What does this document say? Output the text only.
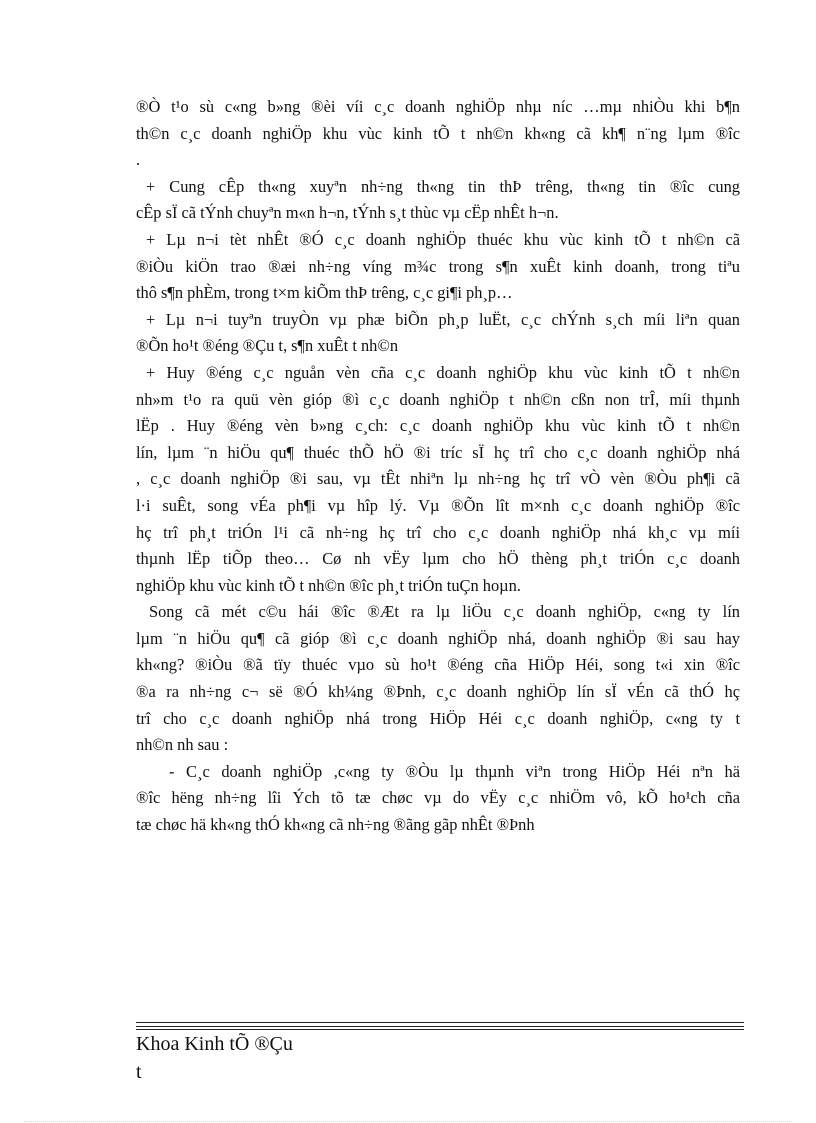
®Ò t¹o sù c«ng b»ng ®èi víi c¸c doanh nghiÖp nhµ níc …mµ nhiÒu khi b¶n
th©n c¸c doanh nghiÖp khu vùc kinh tÕ t nh©n kh«ng cã kh¶ n¨ng lµm ®îc
.
+ Cung cÊp th«ng xuyªn nh÷ng th«ng tin thÞ trêng, th«ng tin ®îc cung
cÊp sÏ cã tÝnh chuyªn m«n h¬n, tÝnh s¸t thùc vµ cËp nhÊt h¬n.
+ Lµ n¬i tèt nhÊt ®Ó c¸c doanh nghiÖp thuéc khu vùc kinh tÕ t nh©n cã
®iÒu kiÖn trao ®æi nh÷ng víng m¾c trong s¶n xuÊt kinh doanh, trong tiªu
thô s¶n phÈm, trong t×m kiÕm thÞ trêng, c¸c gi¶i ph¸p…
+ Lµ n¬i tuyªn truyÒn vµ phæ biÕn ph¸p luËt, c¸c chÝnh s¸ch míi liªn quan
®Õn ho¹t ®éng ®Çu t, s¶n xuÊt t nh©n
+ Huy ®éng c¸c nguån vèn cña c¸c doanh nghiÖp khu vùc kinh tÕ t nh©n
nh»m t¹o ra quü vèn gióp ®ì c¸c doanh nghiÖp t nh©n cßn non trÎ, míi thµnh
lËp . Huy ®éng vèn b»ng c¸ch: c¸c doanh nghiÖp khu vùc kinh tÕ t nh©n
lín, lµm ¨n hiÖu qu¶ thuéc thÕ hÖ ®i tríc sÏ hç trî cho c¸c doanh nghiÖp nhá
, c¸c doanh nghiÖp ®i sau, vµ tÊt nhiªn lµ nh÷ng hç trî vÒ vèn ®Òu ph¶i cã
l·i suÊt, song vÉa ph¶i vµ hîp lý. Vµ ®Õn lît m×nh c¸c doanh nghiÖp ®îc
hç trî ph¸t triÓn l¹i cã nh÷ng hç trî cho c¸c doanh nghiÖp nhá kh¸c vµ míi
thµnh lËp tiÕp theo… Cø nh vËy lµm cho hÖ thèng ph¸t triÓn c¸c doanh
nghiÖp khu vùc kinh tÕ t nh©n ®îc ph¸t triÓn tuÇn hoµn.
Song cã mét c©u hái ®îc ®Æt ra lµ liÖu c¸c doanh nghiÖp, c«ng ty lín
lµm ¨n hiÖu qu¶ cã gióp ®ì c¸c doanh nghiÖp nhá, doanh nghiÖp ®i sau hay
kh«ng? ®iÒu ®ã tïy thuéc vµo sù ho¹t ®éng cña HiÖp Héi, song t«i xin ®îc
®a ra nh÷ng c¬ së ®Ó kh¼ng ®Þnh, c¸c doanh nghiÖp lín sÏ vÉn cã thÓ hç
trî cho c¸c doanh nghiÖp nhá trong HiÖp Héi c¸c doanh nghiÖp, c«ng ty t
nh©n nh sau :
- C¸c doanh nghiÖp ,c«ng ty ®Òu lµ thµnh viªn trong HiÖp Héi nªn hä
®îc hëng nh÷ng lîi Ých tõ tæ chøc vµ do vËy c¸c nhiÖm vô, kÕ ho¹ch cña
tæ chøc hä kh«ng thÓ kh«ng cã nh÷ng ®ãng gãp nhÊt ®Þnh
Khoa Kinh tÕ ®Çu t
